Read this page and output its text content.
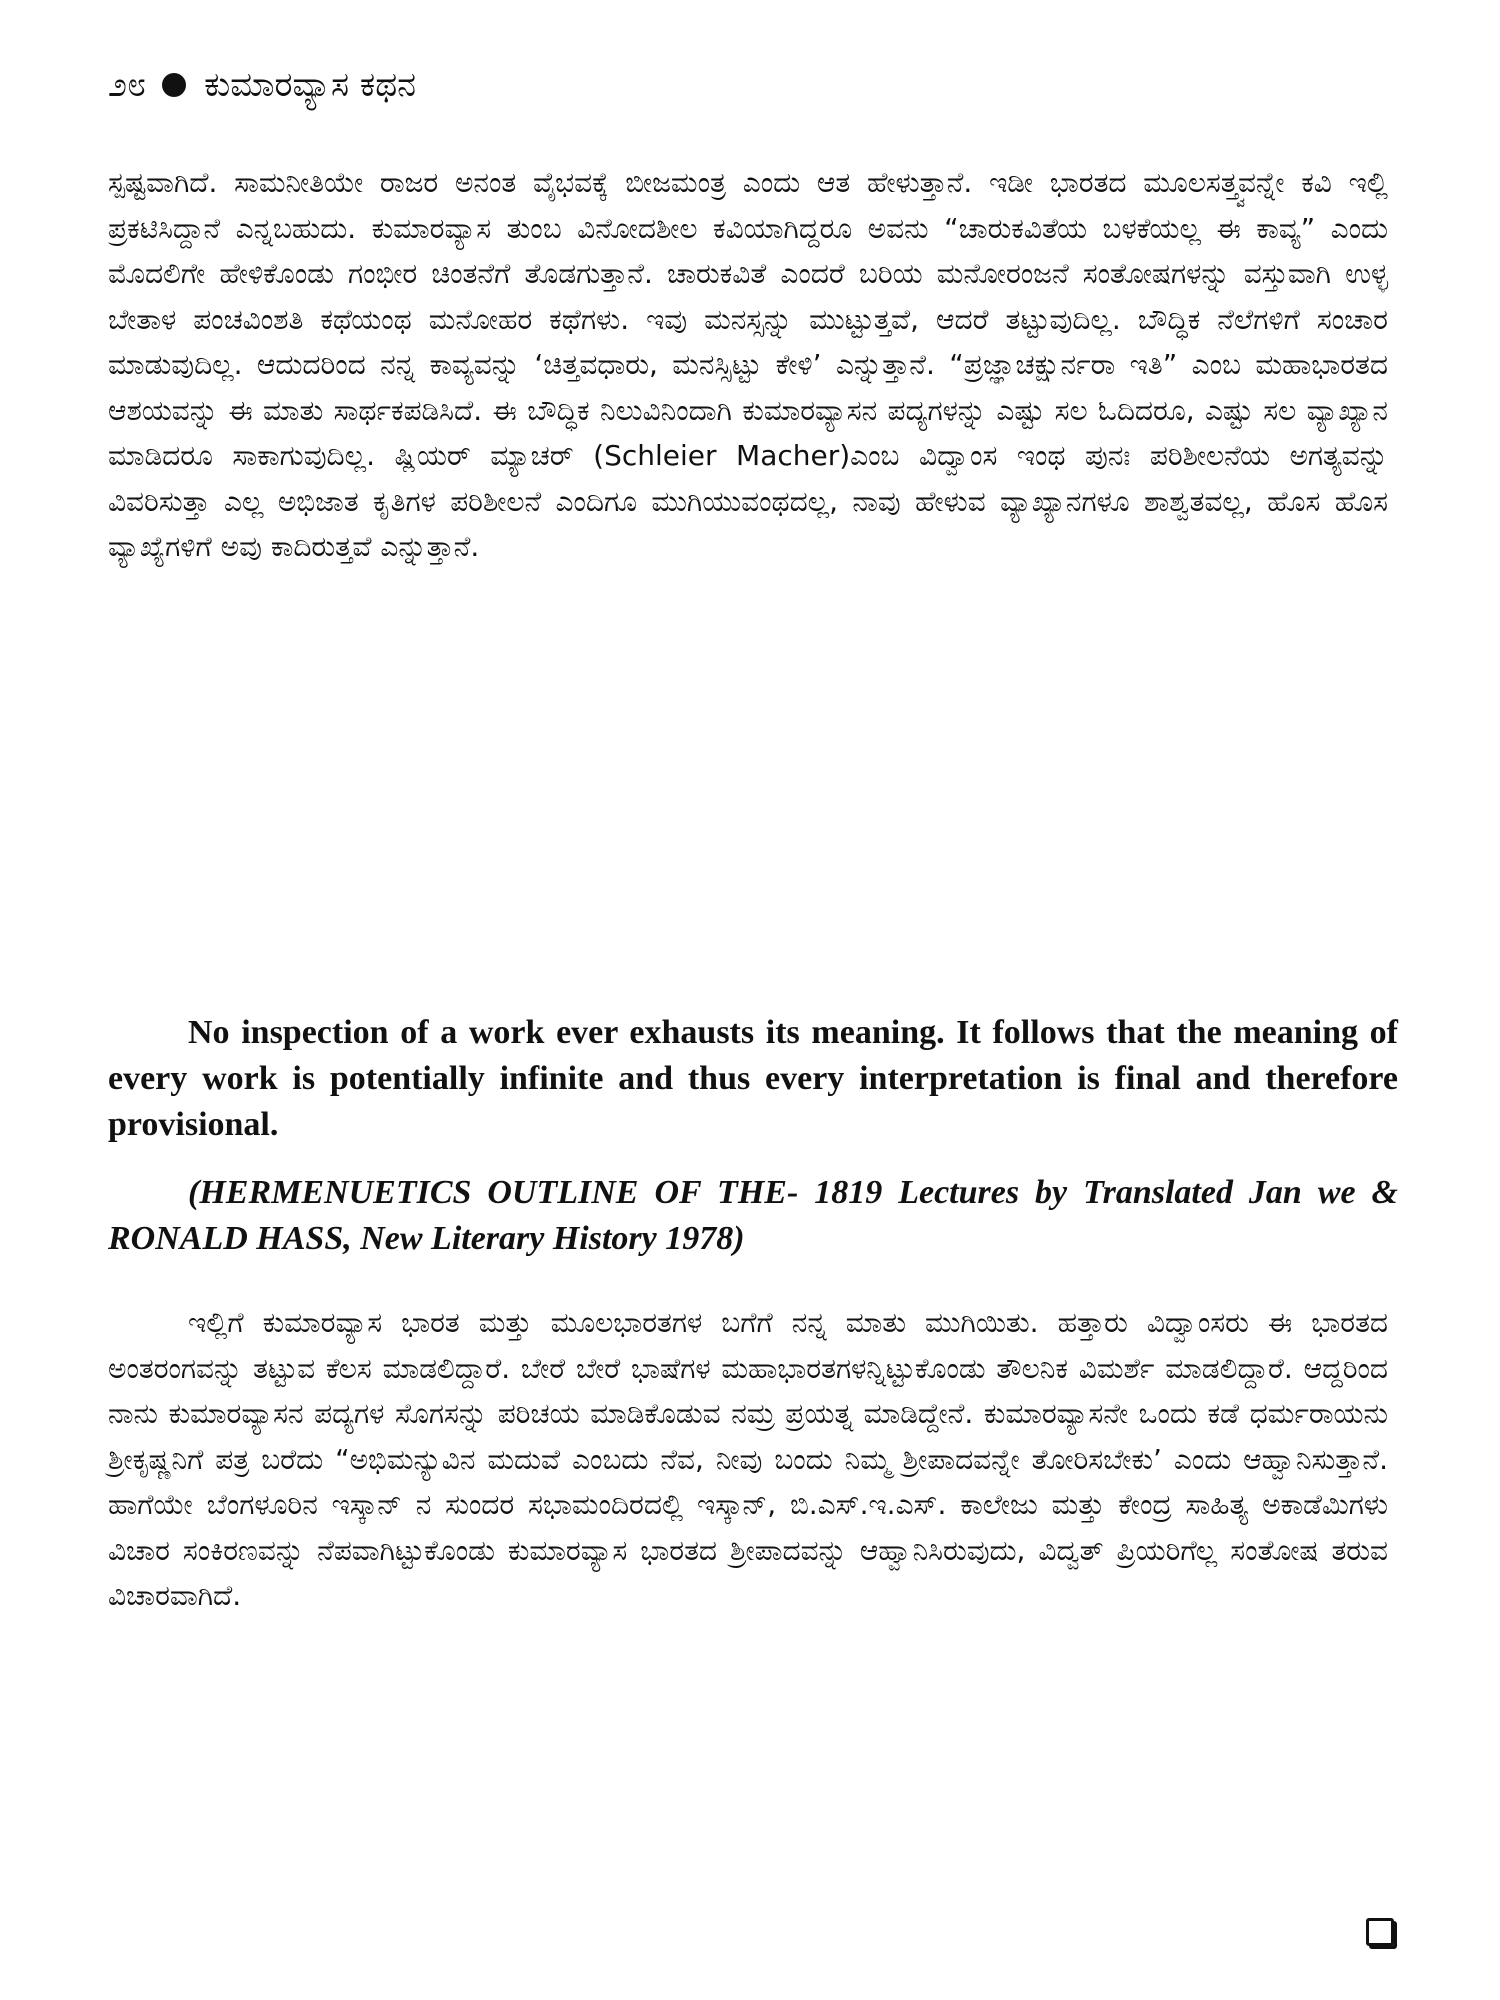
೨೮ ಕುಮಾರವ್ಯಾಸ ಕಥನ

ಸ್ಪಷ್ಟವಾಗಿದೆ. ಸಾಮನೀತಿಯೇ ರಾಜರ ಅನಂತ ವೈಭವಕ್ಕೆ ಬೀಜಮಂತ್ರ ಎಂದು ಆತ ಹೇಳುತ್ತಾನೆ. ಇಡೀ ಭಾರತದ ಮೂಲಸತ್ತ್ವವನ್ನೇ ಕವಿ ಇಲ್ಲಿ ಪ್ರಕಟಿಸಿದ್ದಾನೆ ಎನ್ನಬಹುದು. ಕುಮಾರವ್ಯಾಸ ತುಂಬ ವಿನೋದಶೀಲ ಕವಿಯಾಗಿದ್ದರೂ ಅವನು “ಚಾರುಕವಿತೆಯ ಬಳಕೆಯಲ್ಲ ಈ ಕಾವ್ಯ” ಎಂದು ಮೊದಲಿಗೇ ಹೇಳಿಕೊಂಡು ಗಂಭೀರ ಚಿಂತನೆಗೆ ತೊಡಗುತ್ತಾನೆ. ಚಾರುಕವಿತೆ ಎಂದರೆ ಬರಿಯ ಮನೋರಂಜನೆ ಸಂತೋಷಗಳನ್ನು ವಸ್ತುವಾಗಿ ಉಳ್ಳ ಬೇತಾಳ ಪಂಚವಿಂಶತಿ ಕಥೆಯಂಥ ಮನೋಹರ ಕಥೆಗಳು. ಇವು ಮನಸ್ಸನ್ನು ಮುಟ್ಟುತ್ತವೆ, ಆದರೆ ತಟ್ಟುವುದಿಲ್ಲ. ಬೌದ್ಧಿಕ ನೆಲೆಗಳಿಗೆ ಸಂಚಾರ ಮಾಡುವುದಿಲ್ಲ. ಆದುದರಿಂದ ನನ್ನ ಕಾವ್ಯವನ್ನು ‘ಚಿತ್ತವಧಾರು, ಮನಸ್ಸಿಟ್ಟು ಕೇಳಿ’ ಎನ್ನುತ್ತಾನೆ. “ಪ್ರಜ್ಞಾಚಕ್ಷುರ್ನರಾ ಇತಿ” ಎಂಬ ಮಹಾಭಾರತದ ಆಶಯವನ್ನು ಈ ಮಾತು ಸಾರ್ಥಕಪಡಿಸಿದೆ. ಈ ಬೌದ್ಧಿಕ ನಿಲುವಿನಿಂದಾಗಿ ಕುಮಾರವ್ಯಾಸನ ಪದ್ಯಗಳನ್ನು ಎಷ್ಟು ಸಲ ಓದಿದರೂ, ಎಷ್ಟು ಸಲ ವ್ಯಾಖ್ಯಾನ ಮಾಡಿದರೂ ಸಾಕಾಗುವುದಿಲ್ಲ. ಷ್ಲಿಯರ್ ಮ್ಯಾಚರ್ (Schleier Macher)ಎಂಬ ವಿದ್ವಾಂಸ ಇಂಥ ಪುನಃ ಪರಿಶೀಲನೆಯ ಅಗತ್ಯವನ್ನು ವಿವರಿಸುತ್ತಾ ಎಲ್ಲ ಅಭಿಜಾತ ಕೃತಿಗಳ ಪರಿಶೀಲನೆ ಎಂದಿಗೂ ಮುಗಿಯುವಂಥದಲ್ಲ, ನಾವು ಹೇಳುವ ವ್ಯಾಖ್ಯಾನಗಳೂ ಶಾಶ್ವತವಲ್ಲ, ಹೊಸ ಹೊಸ ವ್ಯಾಖ್ಯೆಗಳಿಗೆ ಅವು ಕಾದಿರುತ್ತವೆ ಎನ್ನುತ್ತಾನೆ.

No inspection of a work ever exhausts its meaning. It follows that the meaning of every work is potentially infinite and thus every interpretation is final and therefore provisional.

(HERMENUETICS OUTLINE OF THE- 1819 Lectures by Translated Jan we & RONALD HASS, New Literary History 1978)

ಇಲ್ಲಿಗೆ ಕುಮಾರವ್ಯಾಸ ಭಾರತ ಮತ್ತು ಮೂಲಭಾರತಗಳ ಬಗೆಗೆ ನನ್ನ ಮಾತು ಮುಗಿಯಿತು. ಹತ್ತಾರು ವಿದ್ವಾಂಸರು ಈ ಭಾರತದ ಅಂತರಂಗವನ್ನು ತಟ್ಟುವ ಕೆಲಸ ಮಾಡಲಿದ್ದಾರೆ. ಬೇರೆ ಬೇರೆ ಭಾಷೆಗಳ ಮಹಾಭಾರತಗಳನ್ನಿಟ್ಟುಕೊಂಡು ತೌಲನಿಕ ವಿಮರ್ಶೆ ಮಾಡಲಿದ್ದಾರೆ. ಆದ್ದರಿಂದ ನಾನು ಕುಮಾರವ್ಯಾಸನ ಪದ್ಯಗಳ ಸೊಗಸನ್ನು ಪರಿಚಯ ಮಾಡಿಕೊಡುವ ನಮ್ರ ಪ್ರಯತ್ನ ಮಾಡಿದ್ದೇನೆ. ಕುಮಾರವ್ಯಾಸನೇ ಒಂದು ಕಡೆ ಧರ್ಮರಾಯನು ಶ್ರೀಕೃಷ್ಣನಿಗೆ ಪತ್ರ ಬರೆದು “ಅಭಿಮನ್ಯುವಿನ ಮದುವೆ ಎಂಬದು ನೆವ, ನೀವು ಬಂದು ನಿಮ್ಮ ಶ್ರೀಪಾದವನ್ನೇ ತೋರಿಸಬೇಕು’ ಎಂದು ಆಹ್ವಾನಿಸುತ್ತಾನೆ. ಹಾಗೆಯೇ ಬೆಂಗಳೂರಿನ ಇಸ್ಕಾನ್ ನ ಸುಂದರ ಸಭಾಮಂದಿರದಲ್ಲಿ ಇಸ್ಕಾನ್, ಬಿ.ಎಸ್.ಇ.ಎಸ್. ಕಾಲೇಜು ಮತ್ತು ಕೇಂದ್ರ ಸಾಹಿತ್ಯ ಅಕಾಡೆಮಿಗಳು ವಿಚಾರ ಸಂಕಿರಣವನ್ನು ನೆಪವಾಗಿಟ್ಟುಕೊಂಡು ಕುಮಾರವ್ಯಾಸ ಭಾರತದ ಶ್ರೀಪಾದವನ್ನು ಆಹ್ವಾನಿಸಿರುವುದು, ವಿದ್ವತ್ ಪ್ರಿಯರಿಗೆಲ್ಲ ಸಂತೋಷ ತರುವ ವಿಚಾರವಾಗಿದೆ.
